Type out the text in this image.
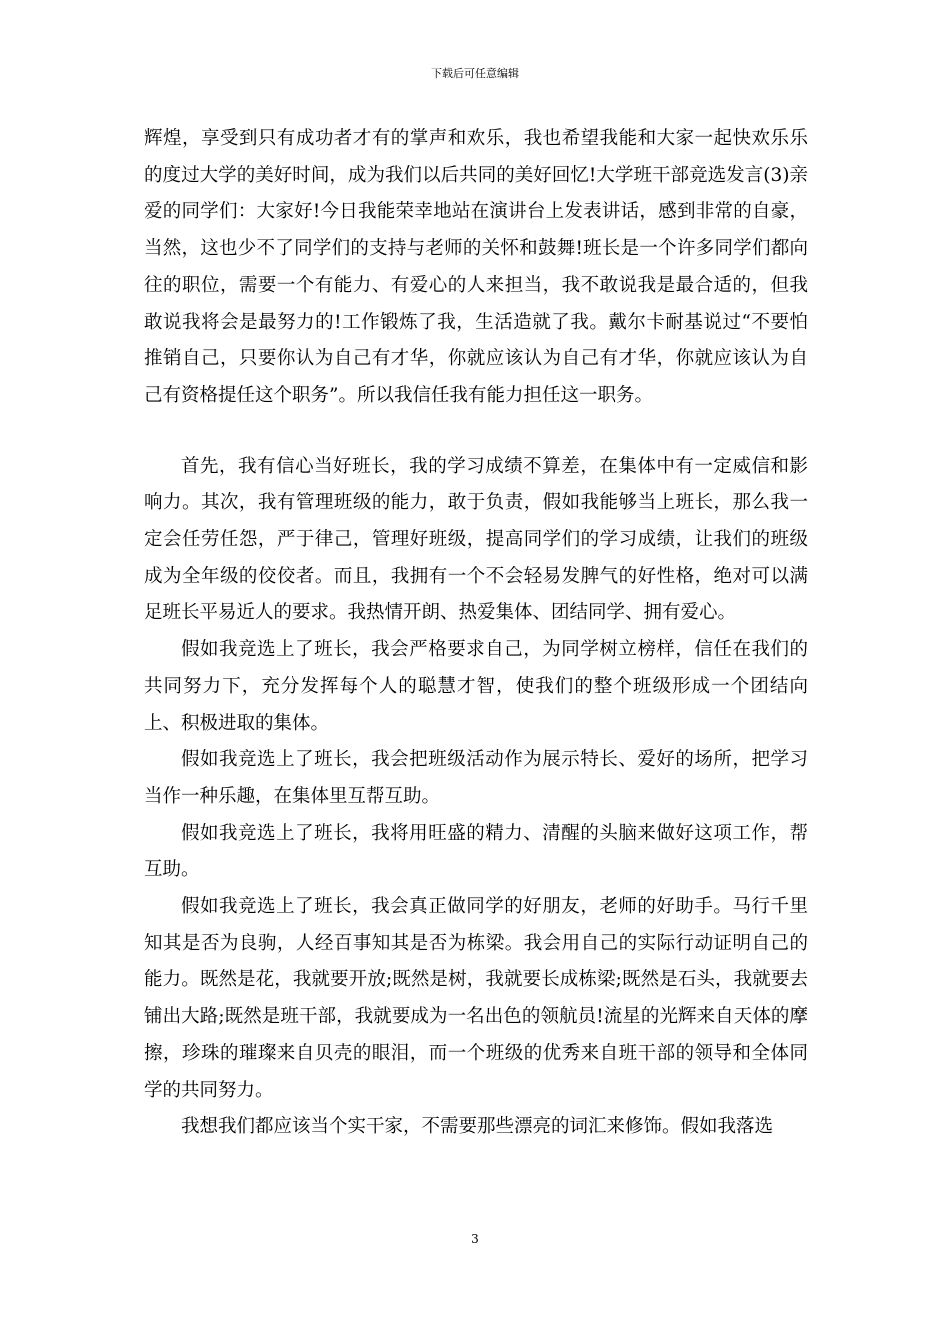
下载后可任意编辑

辉煌，享受到只有成功者才有的掌声和欢乐，我也希望我能和大家一起快欢乐乐的度过大学的美好时间，成为我们以后共同的美好回忆!大学班干部竞选发言(3)亲爱的同学们：大家好!今日我能荣幸地站在演讲台上发表讲话，感到非常的自豪，当然，这也少不了同学们的支持与老师的关怀和鼓舞!班长是一个许多同学们都向往的职位，需要一个有能力、有爱心的人来担当，我不敢说我是最合适的，但我敢说我将会是最努力的!工作锻炼了我，生活造就了我。戴尔卡耐基说过“不要怕推销自己，只要你认为自己有才华，你就应该认为自己有才华，你就应该认为自己有资格提任这个职务”。所以我信任我有能力担任这一职务。

首先，我有信心当好班长，我的学习成绩不算差，在集体中有一定威信和影响力。其次，我有管理班级的能力，敢于负责，假如我能够当上班长，那么我一定会任劳任怨，严于律己，管理好班级，提高同学们的学习成绩，让我们的班级成为全年级的佼佼者。而且，我拥有一个不会轻易发脾气的好性格，绝对可以满足班长平易近人的要求。我热情开朗、热爱集体、团结同学、拥有爱心。

假如我竞选上了班长，我会严格要求自己，为同学树立榜样，信任在我们的共同努力下，充分发挥每个人的聪慧才智，使我们的整个班级形成一个团结向上、积极进取的集体。

假如我竞选上了班长，我会把班级活动作为展示特长、爱好的场所，把学习当作一种乐趣，在集体里互帮互助。

假如我竞选上了班长，我将用旺盛的精力、清醒的头脑来做好这项工作，帮互助。

假如我竞选上了班长，我会真正做同学的好朋友，老师的好助手。马行千里知其是否为良驹，人经百事知其是否为栋梁。我会用自己的实际行动证明自己的能力。既然是花，我就要开放;既然是树，我就要长成栋梁;既然是石头，我就要去铺出大路;既然是班干部，我就要成为一名出色的领航员!流星的光辉来自天体的摩擦，珍珠的璀璨来自贝壳的眼泪，而一个班级的优秀来自班干部的领导和全体同学的共同努力。

我想我们都应该当个实干家，不需要那些漂亮的词汇来修饰。假如我落选

3
